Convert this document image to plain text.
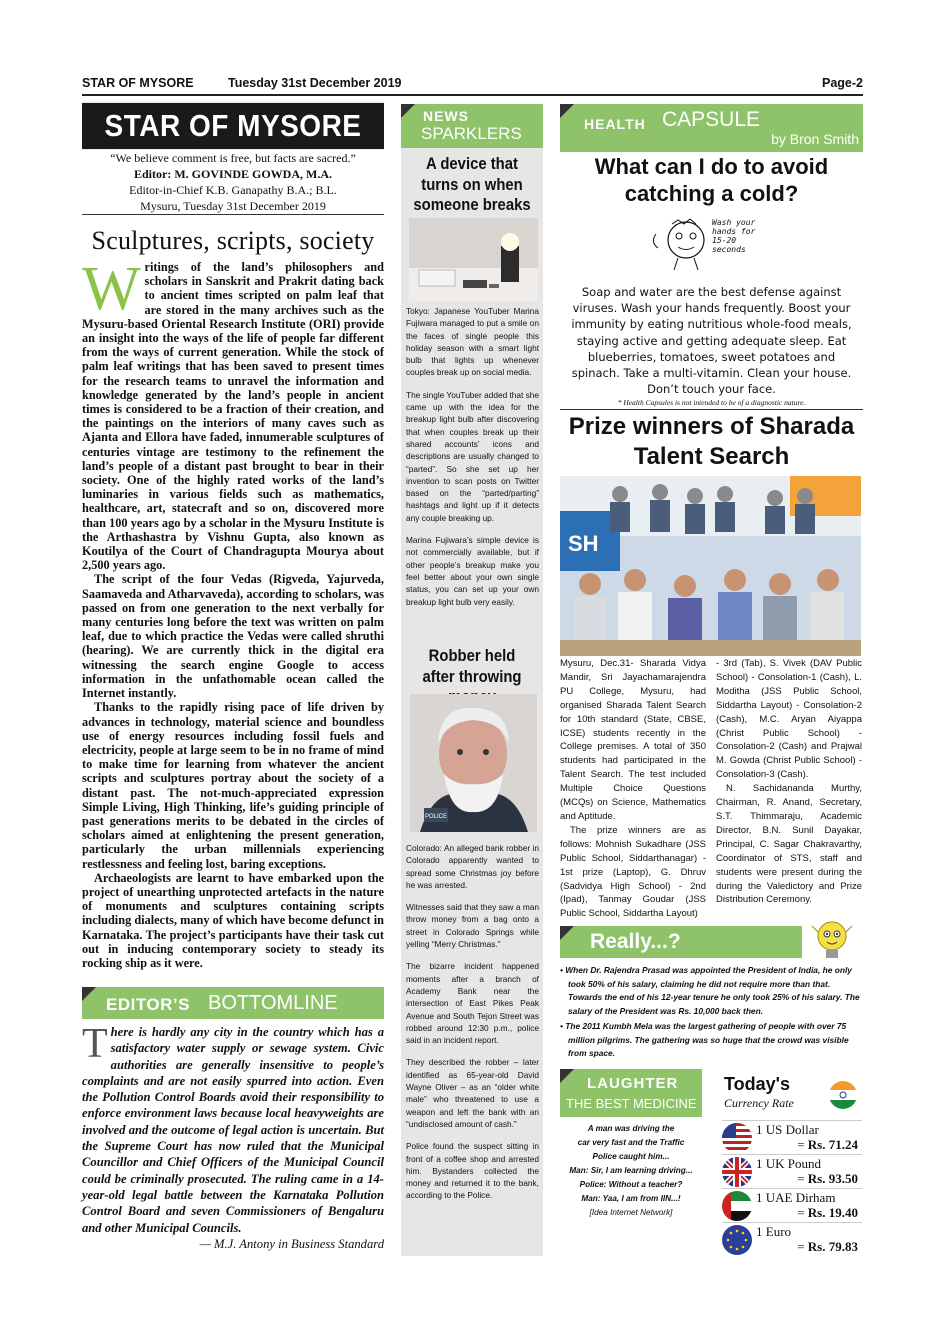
STAR OF MYSORE	Tuesday 31st December 2019	Page-2
STAR OF MYSORE
“We believe comment is free, but facts are sacred.”
Editor: M. GOVINDE GOWDA, M.A.
Editor-in-Chief K.B. Ganapathy B.A.; B.L.
Mysuru, Tuesday 31st December 2019
Sculptures, scripts, society

Writings of the land’s philosophers and scholars in Sanskrit and Prakrit dating back to ancient times scripted on palm leaf that are stored in the many archives such as the Mysuru-based Oriental Research Institute (ORI) provide an insight into the ways of the life of people far different from the ways of current generation. While the stock of palm leaf writings that has been saved to present times for the research teams to unravel the information and knowledge generated by the land’s people in ancient times is considered to be a fraction of their creation, and the paintings on the interiors of many caves such as Ajanta and Ellora have faded, innumerable sculptures of centuries vintage are testimony to the refinement the land’s people of a distant past brought to bear in their society. One of the highly rated works of the land’s luminaries in various fields such as mathematics, healthcare, art, statecraft and so on, discovered more than 100 years ago by a scholar in the Mysuru Institute is the Arthashastra by Vishnu Gupta, also known as Koutilya of the Court of Chandragupta Mourya about 2,500 years ago.

The script of the four Vedas (Rigveda, Yajurveda, Saamaveda and Atharvaveda), according to scholars, was passed on from one generation to the next verbally for many centuries long before the text was written on palm leaf, due to which practice the Vedas were called shruthi (hearing). We are currently thick in the digital era witnessing the search engine Google to access information in the unfathomable ocean called the Internet instantly.

Thanks to the rapidly rising pace of life driven by advances in technology, material science and boundless use of energy resources including fossil fuels and electricity, people at large seem to be in no frame of mind to make time for learning from whatever the ancient scripts and sculptures portray about the society of a distant past. The not-much-appreciated expression Simple Living, High Thinking, life’s guiding principle of past generations merits to be debated in the circles of scholars aimed at enlightening the present generation, particularly the urban millennials experiencing restlessness and feeling lost, baring exceptions.

Archaeologists are learnt to have embarked upon the project of unearthing unprotected artefacts in the nature of monuments and sculptures containing scripts including dialects, many of which have become defunct in Karnataka. The project’s participants have their task cut out in inducing contemporary society to steady its rocking ship as it were.

EDITOR’S BOTTOMLINE
There is hardly any city in the country which has a satisfactory water supply or sewage system. Civic authorities are generally insensitive to people’s complaints and are not easily spurred into action. Even the Pollution Control Boards avoid their responsibility to enforce environment laws because local heavyweights are involved and the outcome of legal action is uncertain. But the Supreme Court has now ruled that the Municipal Councillor and Chief Officers of the Municipal Council could be criminally prosecuted. The ruling came in a 14-year-old legal battle between the Karnataka Pollution Control Board and seven Commissioners of Bengaluru and other Municipal Councils.
— M.J. Antony in Business Standard
NEWS
SPARKLERS
A device that turns on when someone breaks

Tokyo: Japanese YouTuber Marina Fujiwara managed to put a smile on the faces of single people this holiday season with a smart light bulb that lights up whenever couples break up on social media.

The single YouTuber added that she came up with the idea for the breakup light bulb after discovering that when couples break up their shared accounts’ icons and descriptions are usually changed to “parted”. So she set up her invention to scan posts on Twitter based on the “parted/parting” hashtags and light up if it detects any couple breaking up.

Marina Fujiwara’s simple device is not commercially available, but if other people’s breakup make you feel better about your own single status, you can set up your own breakup light bulb very easily.

Robber held after throwing
POLICE

Colorado: An alleged bank robber in Colorado apparently wanted to spread some Christmas joy before he was arrested.

Witnesses said that they saw a man throw money from a bag onto a street in Colorado Springs while yelling “Merry Christmas.”

The bizarre incident happened moments after a branch of Academy Bank near the intersection of East Pikes Peak Avenue and South Tejon Street was robbed around 12:30 p.m., police said in an incident report.

They described the robber – later identified as 65-year-old David Wayne Oliver – as an “older white male” who threatened to use a weapon and left the bank with an “undisclosed amount of cash.”

Police found the suspect sitting in front of a coffee shop and arrested him. Bystanders collected the money and returned it to the bank, according to the Police.

HEALTH CAPSULE
by Bron Smith
What can I do to avoid catching a cold?
Wash your hands for 15-20 seconds
Soap and water are the best defense against viruses. Wash your hands frequently. Boost your immunity by eating nutritious whole-food meals, staying active and getting adequate sleep. Eat blueberries, tomatoes, sweet potatoes and spinach. Take a multi-vitamin. Clean your house. Don’t touch your face.
* Health Capsules is not intended to be of a diagnostic nature.
Prize winners of Sharada Talent Search
SH
Mysuru, Dec.31- Sharada Vidya Mandir, Sri Jayachamarajendra PU College, Mysuru, had organised Sharada Talent Search for 10th standard (State, CBSE, ICSE) students recently in the College premises. A total of 350 students had participated in the Talent Search. The test included Multiple Choice Questions (MCQs) on Science, Mathematics and Aptitude.
The prize winners are as follows: Mohnish Sukadhare (JSS Public School, Siddarthanagar) - 1st prize (Laptop), G. Dhruv (Sadvidya High School) - 2nd (Ipad), Tanmay Goudar (JSS Public School, Siddartha Layout)
- 3rd (Tab), S. Vivek (DAV Public School) - Consolation-1 (Cash), L. Moditha (JSS Public School, Siddartha Layout) - Consolation-2 (Cash), M.C. Aryan Aiyappa (Christ Public School) - Consolation-2 (Cash) and Prajwal M. Gowda (Christ Public School) - Consolation-3 (Cash).
N. Sachidananda Murthy, Chairman, R. Anand, Secretary, S.T. Thimmaraju, Academic Director, B.N. Sunil Dayakar, Principal, C. Sagar Chakravarthy, Coordinator of STS, staff and students were present during the during the Valedictory and Prize Distribution Ceremony.
Really...?

• When Dr. Rajendra Prasad was appointed the President of India, he only took 50% of his salary, claiming he did not require more than that. Towards the end of his 12-year tenure he only took 25% of his salary. The salary of the President was Rs. 10,000 back then.

• The 2011 Kumbh Mela was the largest gathering of people with over 75 million pilgrims. The gathering was so huge that the crowd was visible from space.

LAUGHTER
THE BEST MEDICINE
A man was driving the
car very fast and the Traffic
Police caught him...
Man: Sir, I am learning driving...
Police: Without a teacher?
Man: Yaa, I am from IIN...!
[Idea Internet Network]
Today's
Currency Rate
1 US Dollar
= Rs. 71.24
1 UK Pound
= Rs. 93.50
1 UAE Dirham
= Rs. 19.40
1 Euro
= Rs. 79.83
